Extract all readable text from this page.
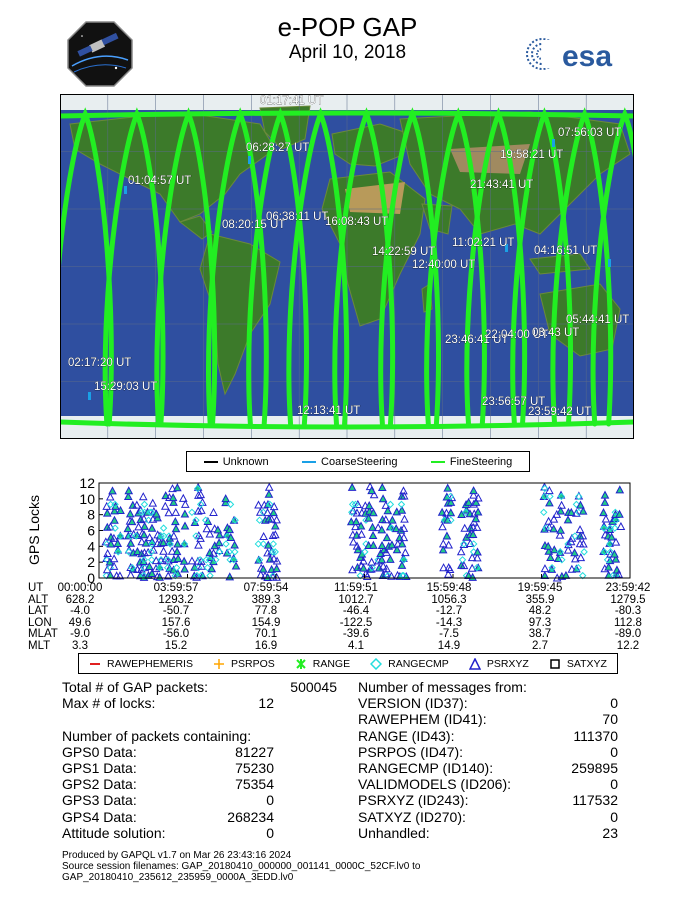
e-POP GAP
April 10, 2018	esa
01:17:41 UT
07:56:03 UT
06:28:27 UT
19:58:21 UT
01:04:57 UT	21:43:41 UT
08:20:15 UT
06:38:11 UT
16:08:43 UT
11:02:21 UT
04:16:51 UT
14:22:59 UT
12:40:00 UT
05:44:41 UT
23:46:41 UT
22:04:00 UT
03:43 UT
02:17:20 UT
15:29:03 UT
12:13:41 UT
23:56:57 UT
23:59:42 UT
Unknown	CoarseSteering	FineSteering
GPS Locks
0
2
4
6
8
10
12
UT 00:00:00	03:59:57	07:59:54	11:59:51	15:59:48	19:59:45	23:59:42
ALT 628.2	1293.2	389.3	1012.7	1056.3	355.9	1279.5
LAT -4.0	-50.7	77.8	-46.4	-12.7	48.2	-80.3
LON 49.6	157.6	154.9	-122.5	-14.3	97.3	112.8
MLAT -9.0	-56.0	70.1	-39.6	-7.5	38.7	-89.0
MLT 3.3	15.2	16.9	4.1	14.9	2.7	12.2
RAWEPHEMERIS	PSRPOS	RANGE	RANGECMP	PSRXYZ	SATXYZ
Total # of GAP packets:	500045
Max # of locks:	12
Number of packets containing:
GPS0 Data:	81227
GPS1 Data:	75230
GPS2 Data:	75354
GPS3 Data:	0
GPS4 Data:	268234
Attitude solution:	0
Number of messages from:
VERSION (ID37):	0
RAWEPHEM (ID41):	70
RANGE (ID43):	111370
PSRPOS (ID47):	0
RANGECMP (ID140):	259895
VALIDMODELS (ID206):	0
PSRXYZ (ID243):	117532
SATXYZ (ID270):	0
Unhandled:	23
Produced by GAPQL v1.7 on Mar 26 23:43:16 2024
Source session filenames: GAP_20180410_000000_001141_0000C_52CF.lv0 to
GAP_20180410_235612_235959_0000A_3EDD.lv0
